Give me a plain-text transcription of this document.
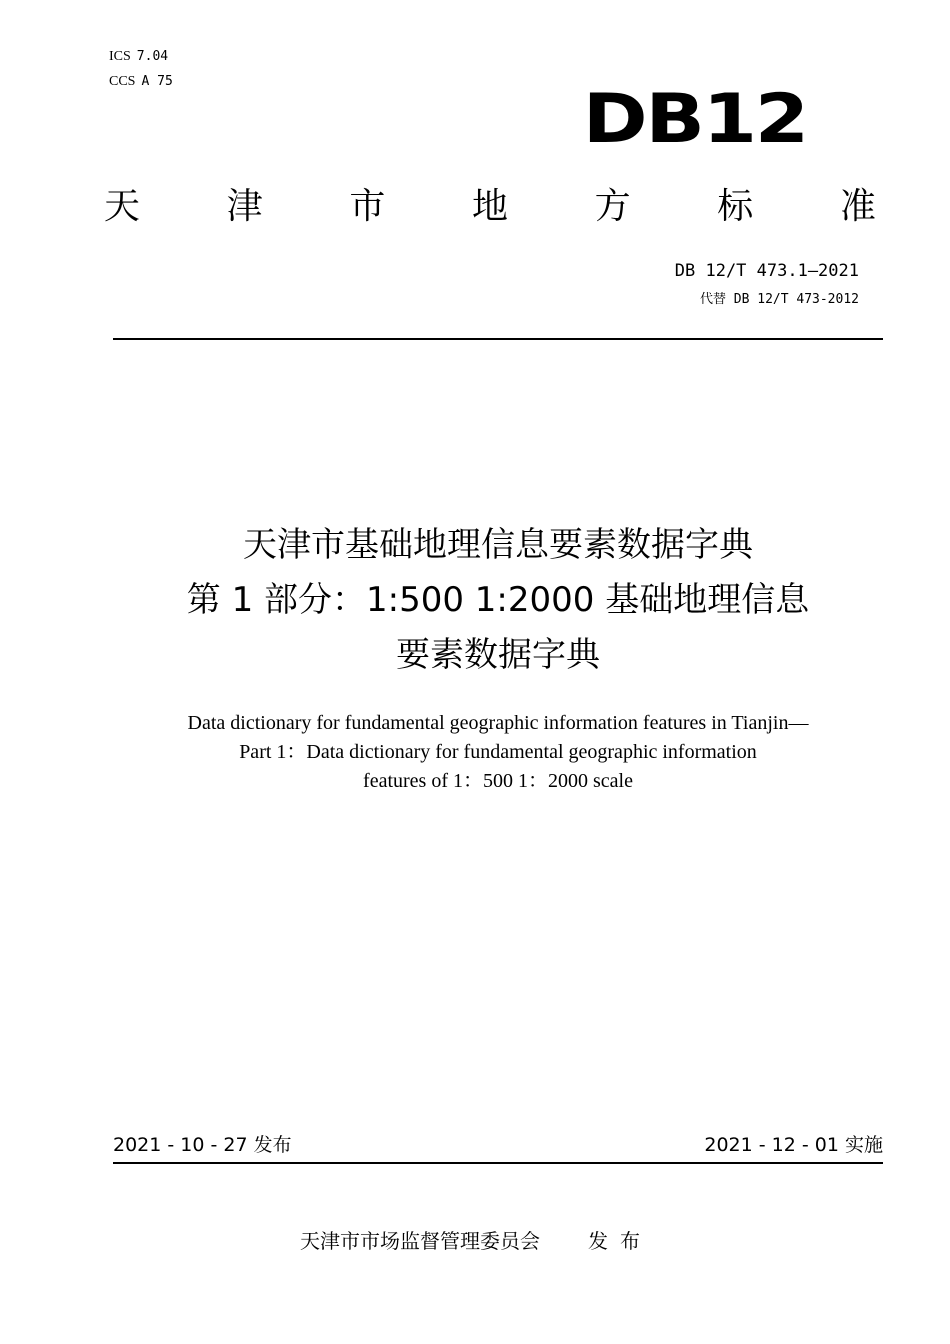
ICS 7.04
CCS A 75	DB12
天 津 市 地 方 标 准
DB 12/T 473.1—2021
代替 DB 12/T 473-2012
天津市基础地理信息要素数据字典
第 1 部分：1:500 1:2000 基础地理信息
要素数据字典
Data dictionary for fundamental geographic information features in Tianjin—
Part 1：Data dictionary for fundamental geographic information
features of 1：500 1：2000 scale
2021 - 10 - 27 发布	2021 - 12 - 01 实施
天津市市场监督管理委员会 发布
